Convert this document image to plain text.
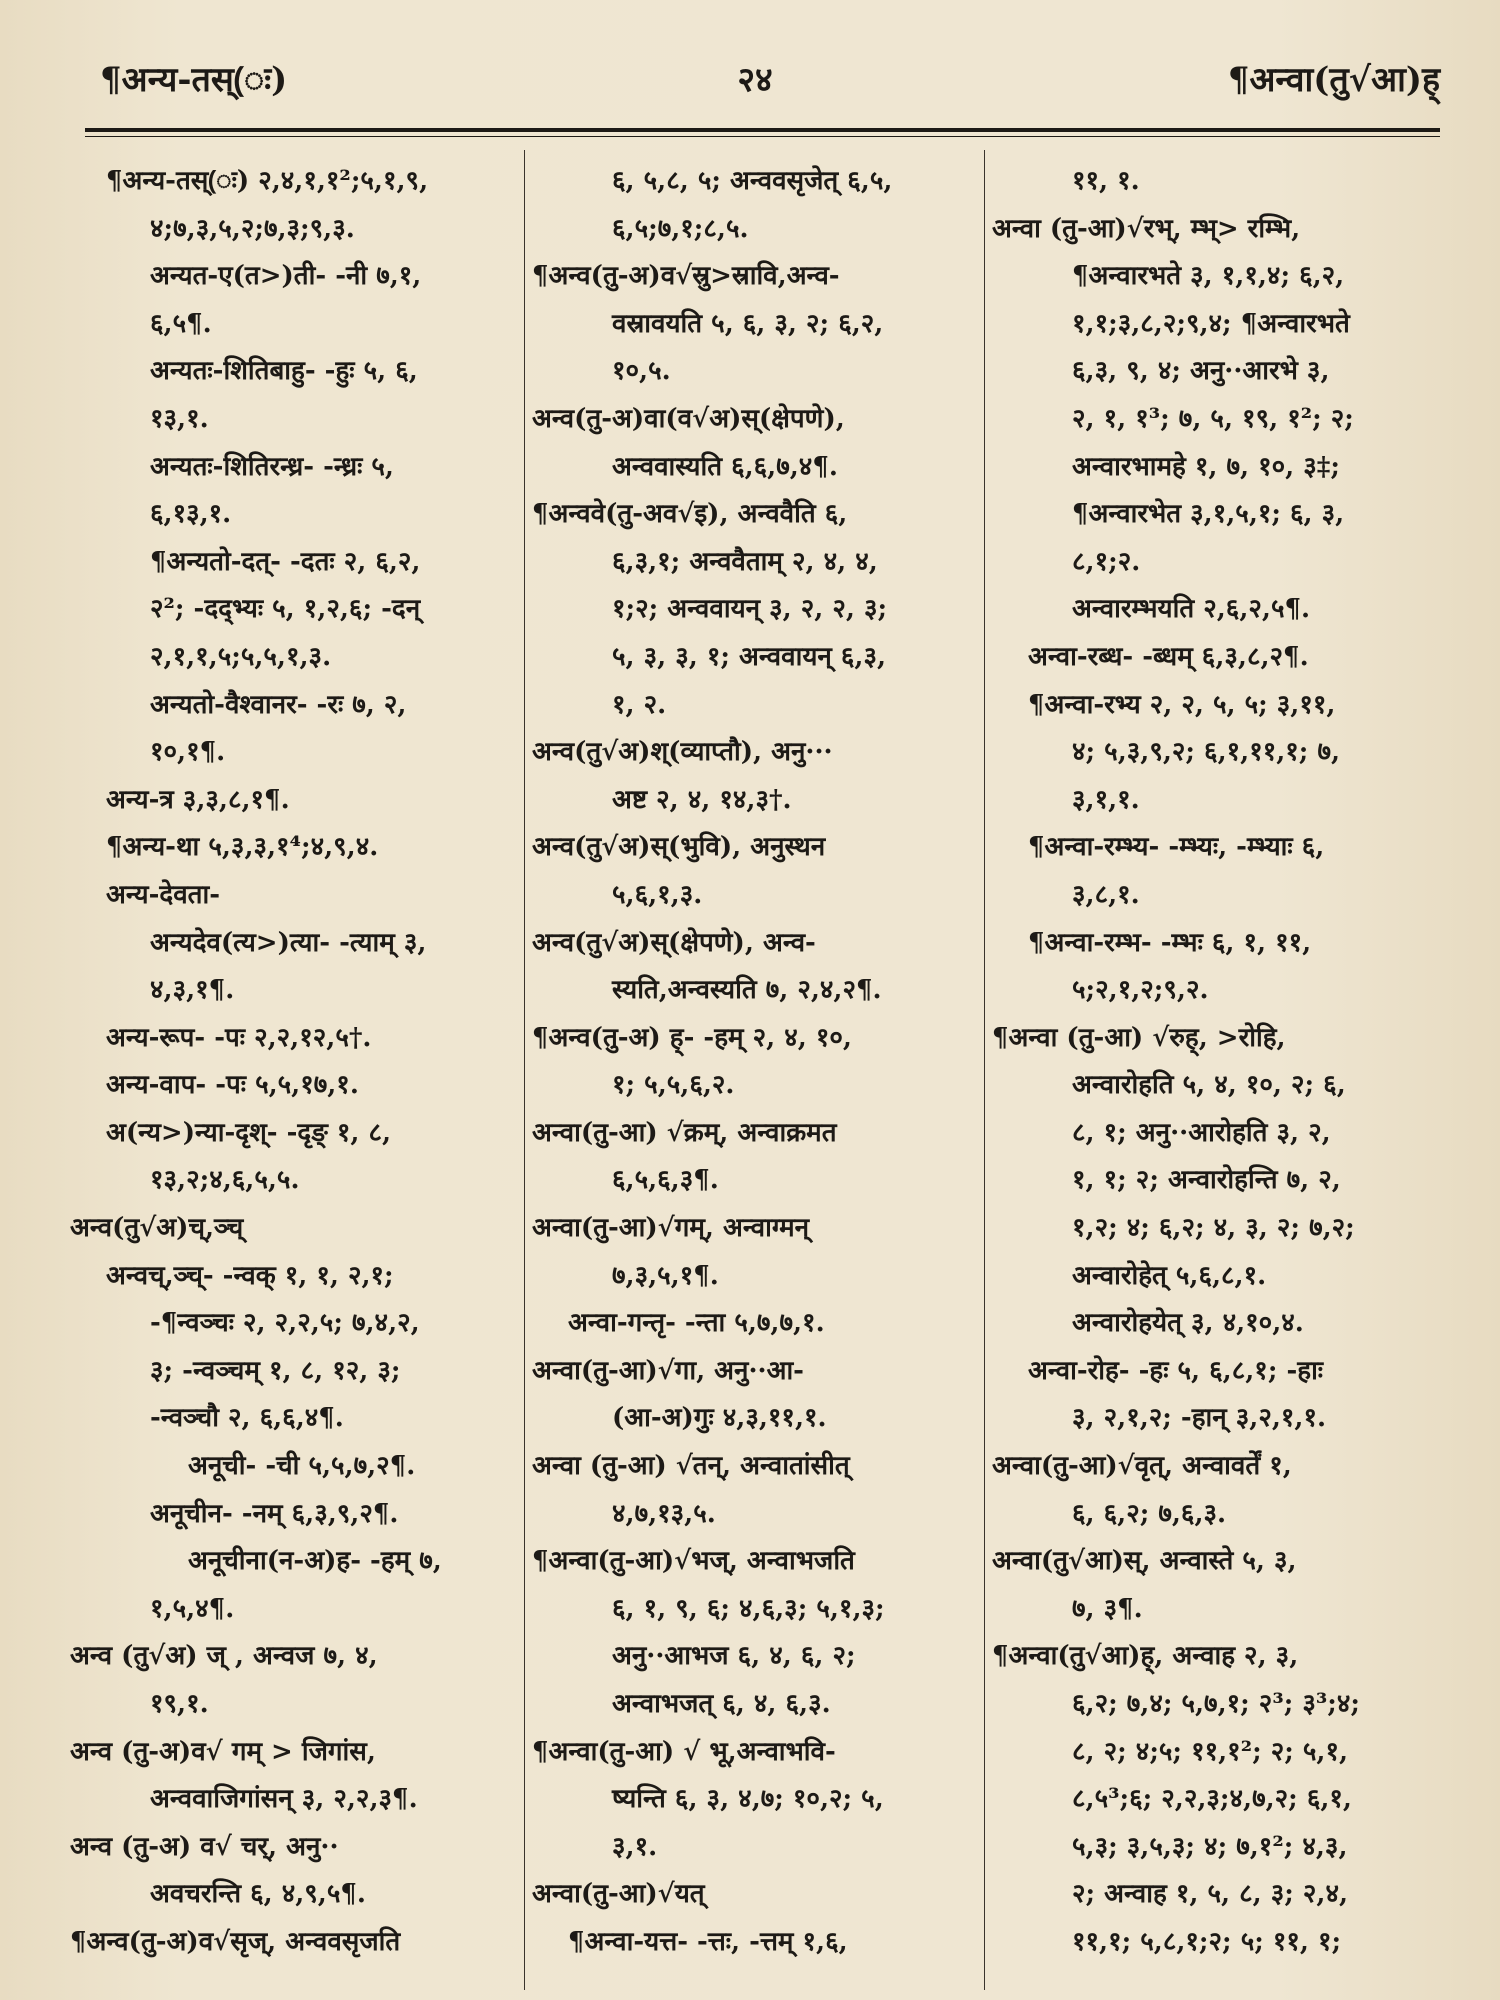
२४
¶अन्य-तस्(ः)	¶अन्वा(तु√आ)ह्
¶अन्य-तस्(ः) २,४,१,१²;५,१,९,
४;७,३,५,२;७,३;९,३.
अन्यत-ए(त>)ती- -नी ७,१,
६,५¶.
अन्यतः-शितिबाहु- -हुः ५, ६,
१३,१.
अन्यतः-शितिरन्ध्र- -न्ध्रः ५,
६,१३,१.
¶अन्यतो-दत्- -दतः २, ६,२,
२²; -दद्भ्यः ५, १,२,६; -दन्
२,१,१,५;५,५,१,३.
अन्यतो-वैश्वानर- -रः ७, २,
१०,१¶.
अन्य-त्र ३,३,८,१¶.
¶अन्य-था ५,३,३,१⁴;४,९,४.
अन्य-देवता-
अन्यदेव(त्य>)त्या- -त्याम् ३,
४,३,१¶.
अन्य-रूप- -पः २,२,१२,५†.
अन्य-वाप- -पः ५,५,१७,१.
अ(न्य>)न्या-दृश्- -दृङ् १, ८,
१३,२;४,६,५,५.
अन्व(तु√अ)च्,ञ्च्
अन्वच्,ञ्च्- -न्वक् १, १, २,१;
-¶न्वञ्चः २, २,२,५; ७,४,२,
३; -न्वञ्चम् १, ८, १२, ३;
-न्वञ्चौ २, ६,६,४¶.
अनूची- -ची ५,५,७,२¶.
अनूचीन- -नम् ६,३,९,२¶.
अनूचीना(न-अ)ह- -हम् ७,
१,५,४¶.
अन्व (तु√अ) ज् , अन्वज ७, ४,
१९,१.
अन्व (तु-अ)व√ गम् > जिगांस,
अन्ववाजिगांसन् ३, २,२,३¶.
अन्व (तु-अ) व√ चर्, अनु··
अवचरन्ति ६, ४,९,५¶.
¶अन्व(तु-अ)व√सृज्, अन्ववसृजति
६, ५,८, ५; अन्ववसृजेत् ६,५,
६,५;७,१;८,५.
¶अन्व(तु-अ)व√स्रु>स्रावि,अन्व-
वस्रावयति ५, ६, ३, २; ६,२,
१०,५.
अन्व(तु-अ)वा(व√अ)स्(क्षेपणे),
अन्ववास्यति ६,६,७,४¶.
¶अन्ववे(तु-अव√इ), अन्ववैति ६,
६,३,१; अन्ववैताम् २, ४, ४,
१;२; अन्ववायन् ३, २, २, ३;
५, ३, ३, १; अन्ववायन् ६,३,
१, २.
अन्व(तु√अ)श्(व्याप्तौ), अनु···
अष्ट २, ४, १४,३†.
अन्व(तु√अ)स्(भुवि), अनुस्थन
५,६,१,३.
अन्व(तु√अ)स्(क्षेपणे), अन्व-
स्यति,अन्वस्यति ७, २,४,२¶.
¶अन्व(तु-अ) ह्- -हम् २, ४, १०,
१; ५,५,६,२.
अन्वा(तु-आ) √क्रम्, अन्वाक्रमत
६,५,६,३¶.
अन्वा(तु-आ)√गम्, अन्वाग्मन्
७,३,५,१¶.
अन्वा-गन्तृ- -न्ता ५,७,७,१.
अन्वा(तु-आ)√गा, अनु··आ-
(आ-अ)गुः ४,३,११,१.
अन्वा (तु-आ) √तन्, अन्वातांसीत्
४,७,१३,५.
¶अन्वा(तु-आ)√भज्, अन्वाभजति
६, १, ९, ६; ४,६,३; ५,१,३;
अनु··आभज ६, ४, ६, २;
अन्वाभजत् ६, ४, ६,३.
¶अन्वा(तु-आ) √ भू,अन्वाभवि-
ष्यन्ति ६, ३, ४,७; १०,२; ५,
३,१.
अन्वा(तु-आ)√यत्
¶अन्वा-यत्त- -त्तः, -त्तम् १,६,
११, १.
अन्वा (तु-आ)√रभ्, म्भ्> रम्भि,
¶अन्वारभते ३, १,१,४; ६,२,
१,१;३,८,२;९,४; ¶अन्वारभते
६,३, ९, ४; अनु··आरभे ३,
२, १, १³; ७, ५, १९, १²; २;
अन्वारभामहे १, ७, १०, ३‡;
¶अन्वारभेत ३,१,५,१; ६, ३,
८,१;२.
अन्वारम्भयति २,६,२,५¶.
अन्वा-रब्ध- -ब्धम् ६,३,८,२¶.
¶अन्वा-रभ्य २, २, ५, ५; ३,११,
४; ५,३,९,२; ६,१,११,१; ७,
३,१,१.
¶अन्वा-रम्भ्य- -म्भ्यः, -म्भ्याः ६,
३,८,१.
¶अन्वा-रम्भ- -म्भः ६, १, ११,
५;२,१,२;९,२.
¶अन्वा (तु-आ) √रुह्, >रोहि,
अन्वारोहति ५, ४, १०, २; ६,
८, १; अनु··आरोहति ३, २,
१, १; २; अन्वारोहन्ति ७, २,
१,२; ४; ६,२; ४, ३, २; ७,२;
अन्वारोहेत् ५,६,८,१.
अन्वारोहयेत् ३, ४,१०,४.
अन्वा-रोह- -हः ५, ६,८,१; -हाः
३, २,१,२; -हान् ३,२,१,१.
अन्वा(तु-आ)√वृत्, अन्वावर्तें १,
६, ६,२; ७,६,३.
अन्वा(तु√आ)स्, अन्वास्ते ५, ३,
७, ३¶.
¶अन्वा(तु√आ)ह्, अन्वाह २, ३,
६,२; ७,४; ५,७,१; २³; ३³;४;
८, २; ४;५; ११,१²; २; ५,१,
८,५³;६; २,२,३;४,७,२; ६,१,
५,३; ३,५,३; ४; ७,१²; ४,३,
२; अन्वाह १, ५, ८, ३; २,४,
११,१; ५,८,१;२; ५; ११, १;
